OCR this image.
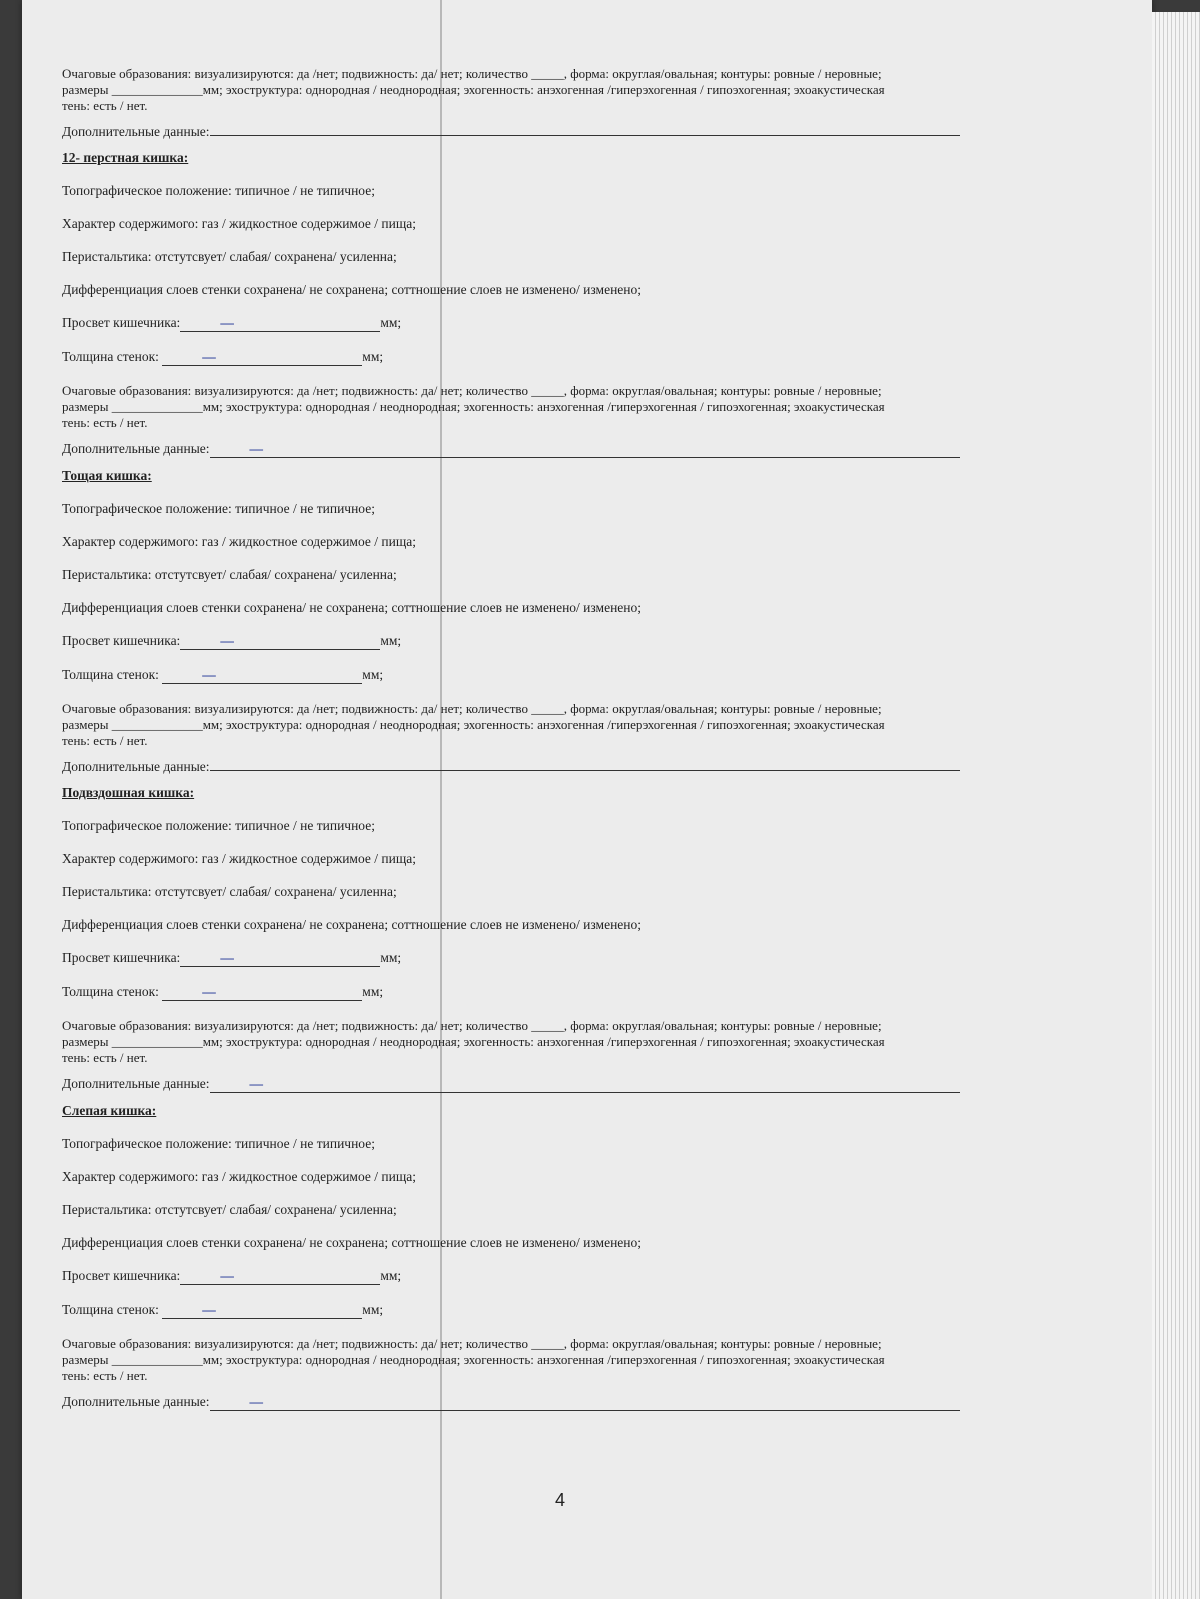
Очаговые образования: визуализируются: да /нет; подвижность: да/ нет; количество _____, форма: округлая/овальная; контуры: ровные / неровные;

размеры ______________мм; эхоструктура: однородная / неоднородная; эхогенность: анэхогенная /гиперэхогенная / гипоэхогенная; эхоакустическая

тень: есть / нет.

Дополнительные данные:

12- перстная кишка:

Топографическое положение: типичное / не типичное;

Характер содержимого: газ / жидкостное содержимое / пища;

Перистальтика: отстутсвует/ слабая/ сохранена/ усиленна;

Дифференциация слоев стенки сохранена/ не сохранена; соттношение слоев не изменено/ изменено;

Просвет кишечника:	—	мм;

Толщина стенок:	—	мм;

Очаговые образования: визуализируются: да /нет; подвижность: да/ нет; количество _____, форма: округлая/овальная; контуры: ровные / неровные;

размеры ______________мм; эхоструктура: однородная / неоднородная; эхогенность: анэхогенная /гиперэхогенная / гипоэхогенная; эхоакустическая

тень: есть / нет.

Дополнительные данные:	—

Тощая кишка:

Топографическое положение: типичное / не типичное;

Характер содержимого: газ / жидкостное содержимое / пища;

Перистальтика: отстутсвует/ слабая/ сохранена/ усиленна;

Дифференциация слоев стенки сохранена/ не сохранена; соттношение слоев не изменено/ изменено;

Просвет кишечника:	—	мм;

Толщина стенок:	—	мм;

Очаговые образования: визуализируются: да /нет; подвижность: да/ нет; количество _____, форма: округлая/овальная; контуры: ровные / неровные;

размеры ______________мм; эхоструктура: однородная / неоднородная; эхогенность: анэхогенная /гиперэхогенная / гипоэхогенная; эхоакустическая

тень: есть / нет.

Дополнительные данные:

Подвздошная кишка:

Топографическое положение: типичное / не типичное;

Характер содержимого: газ / жидкостное содержимое / пища;

Перистальтика: отстутсвует/ слабая/ сохранена/ усиленна;

Дифференциация слоев стенки сохранена/ не сохранена; соттношение слоев не изменено/ изменено;

Просвет кишечника:	—	мм;

Толщина стенок:	—	мм;

Очаговые образования: визуализируются: да /нет; подвижность: да/ нет; количество _____, форма: округлая/овальная; контуры: ровные / неровные;

размеры ______________мм; эхоструктура: однородная / неоднородная; эхогенность: анэхогенная /гиперэхогенная / гипоэхогенная; эхоакустическая

тень: есть / нет.

Дополнительные данные:	—

Слепая кишка:

Топографическое положение: типичное / не типичное;

Характер содержимого: газ / жидкостное содержимое / пища;

Перистальтика: отстутсвует/ слабая/ сохранена/ усиленна;

Дифференциация слоев стенки сохранена/ не сохранена; соттношение слоев не изменено/ изменено;

Просвет кишечника:	—	мм;

Толщина стенок:	—	мм;

Очаговые образования: визуализируются: да /нет; подвижность: да/ нет; количество _____, форма: округлая/овальная; контуры: ровные / неровные;

размеры ______________мм; эхоструктура: однородная / неоднородная; эхогенность: анэхогенная /гиперэхогенная / гипоэхогенная; эхоакустическая

тень: есть / нет.

Дополнительные данные:	—

4
